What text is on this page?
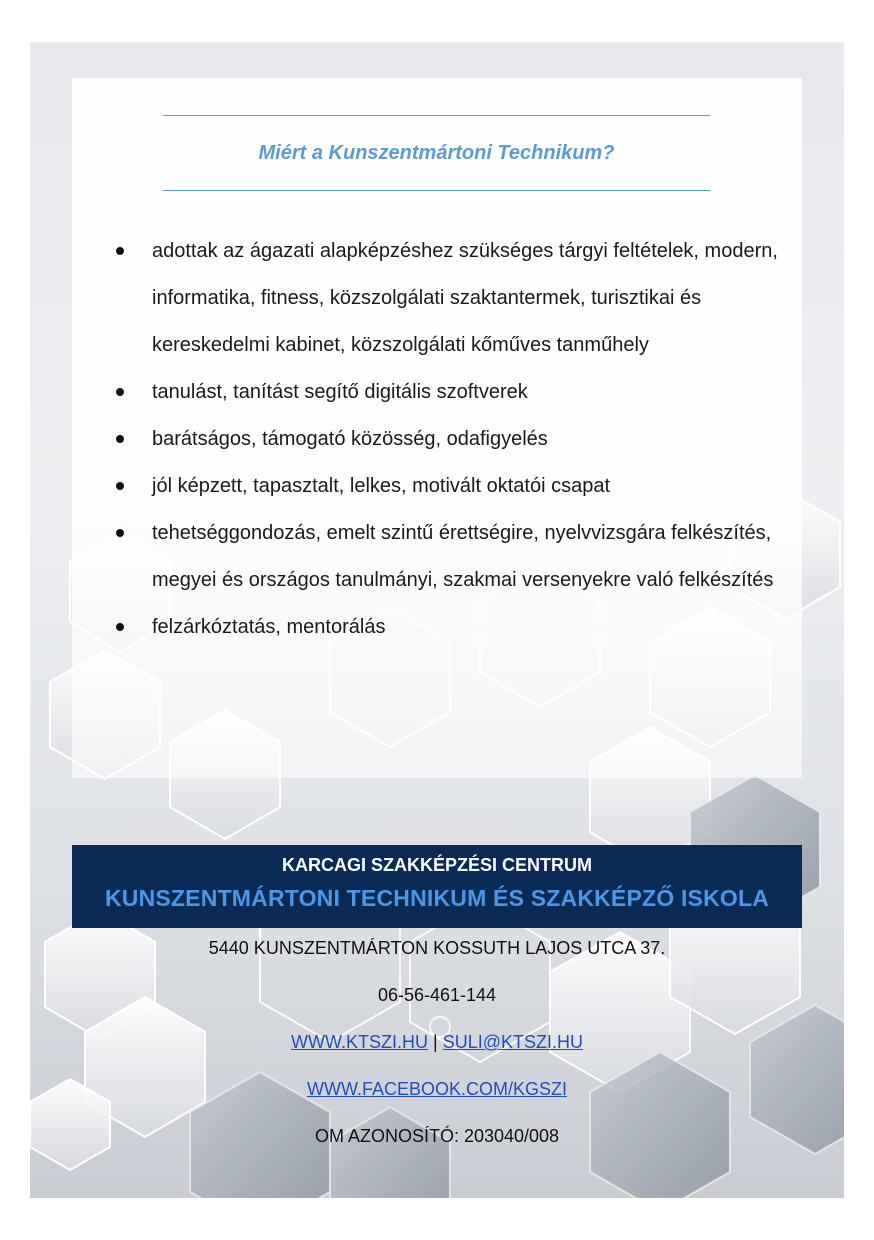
Miért a Kunszentmártoni Technikum?
adottak az ágazati alapképzéshez szükséges tárgyi feltételek, modern, informatika, fitness, közszolgálati szaktantermek, turisztikai és kereskedelmi kabinet, közszolgálati kőműves tanműhely
tanulást, tanítást segítő digitális szoftverek
barátságos, támogató közösség, odafigyelés
jól képzett, tapasztalt, lelkes, motivált oktatói csapat
tehetséggondozás, emelt szintű érettségire, nyelvvizsgára felkészítés, megyei és országos tanulmányi, szakmai versenyekre való felkészítés
felzárkóztatás, mentorálás
KARCAGI SZAKKÉPZÉSI CENTRUM
KUNSZENTMÁRTONI TECHNIKUM ÉS SZAKKÉPZŐ ISKOLA
5440 KUNSZENTMÁRTON KOSSUTH LAJOS UTCA 37.
06-56-461-144
WWW.KTSZI.HU | SULI@KTSZI.HU
WWW.FACEBOOK.COM/KGSZI
OM AZONOSÍTÓ: 203040/008
